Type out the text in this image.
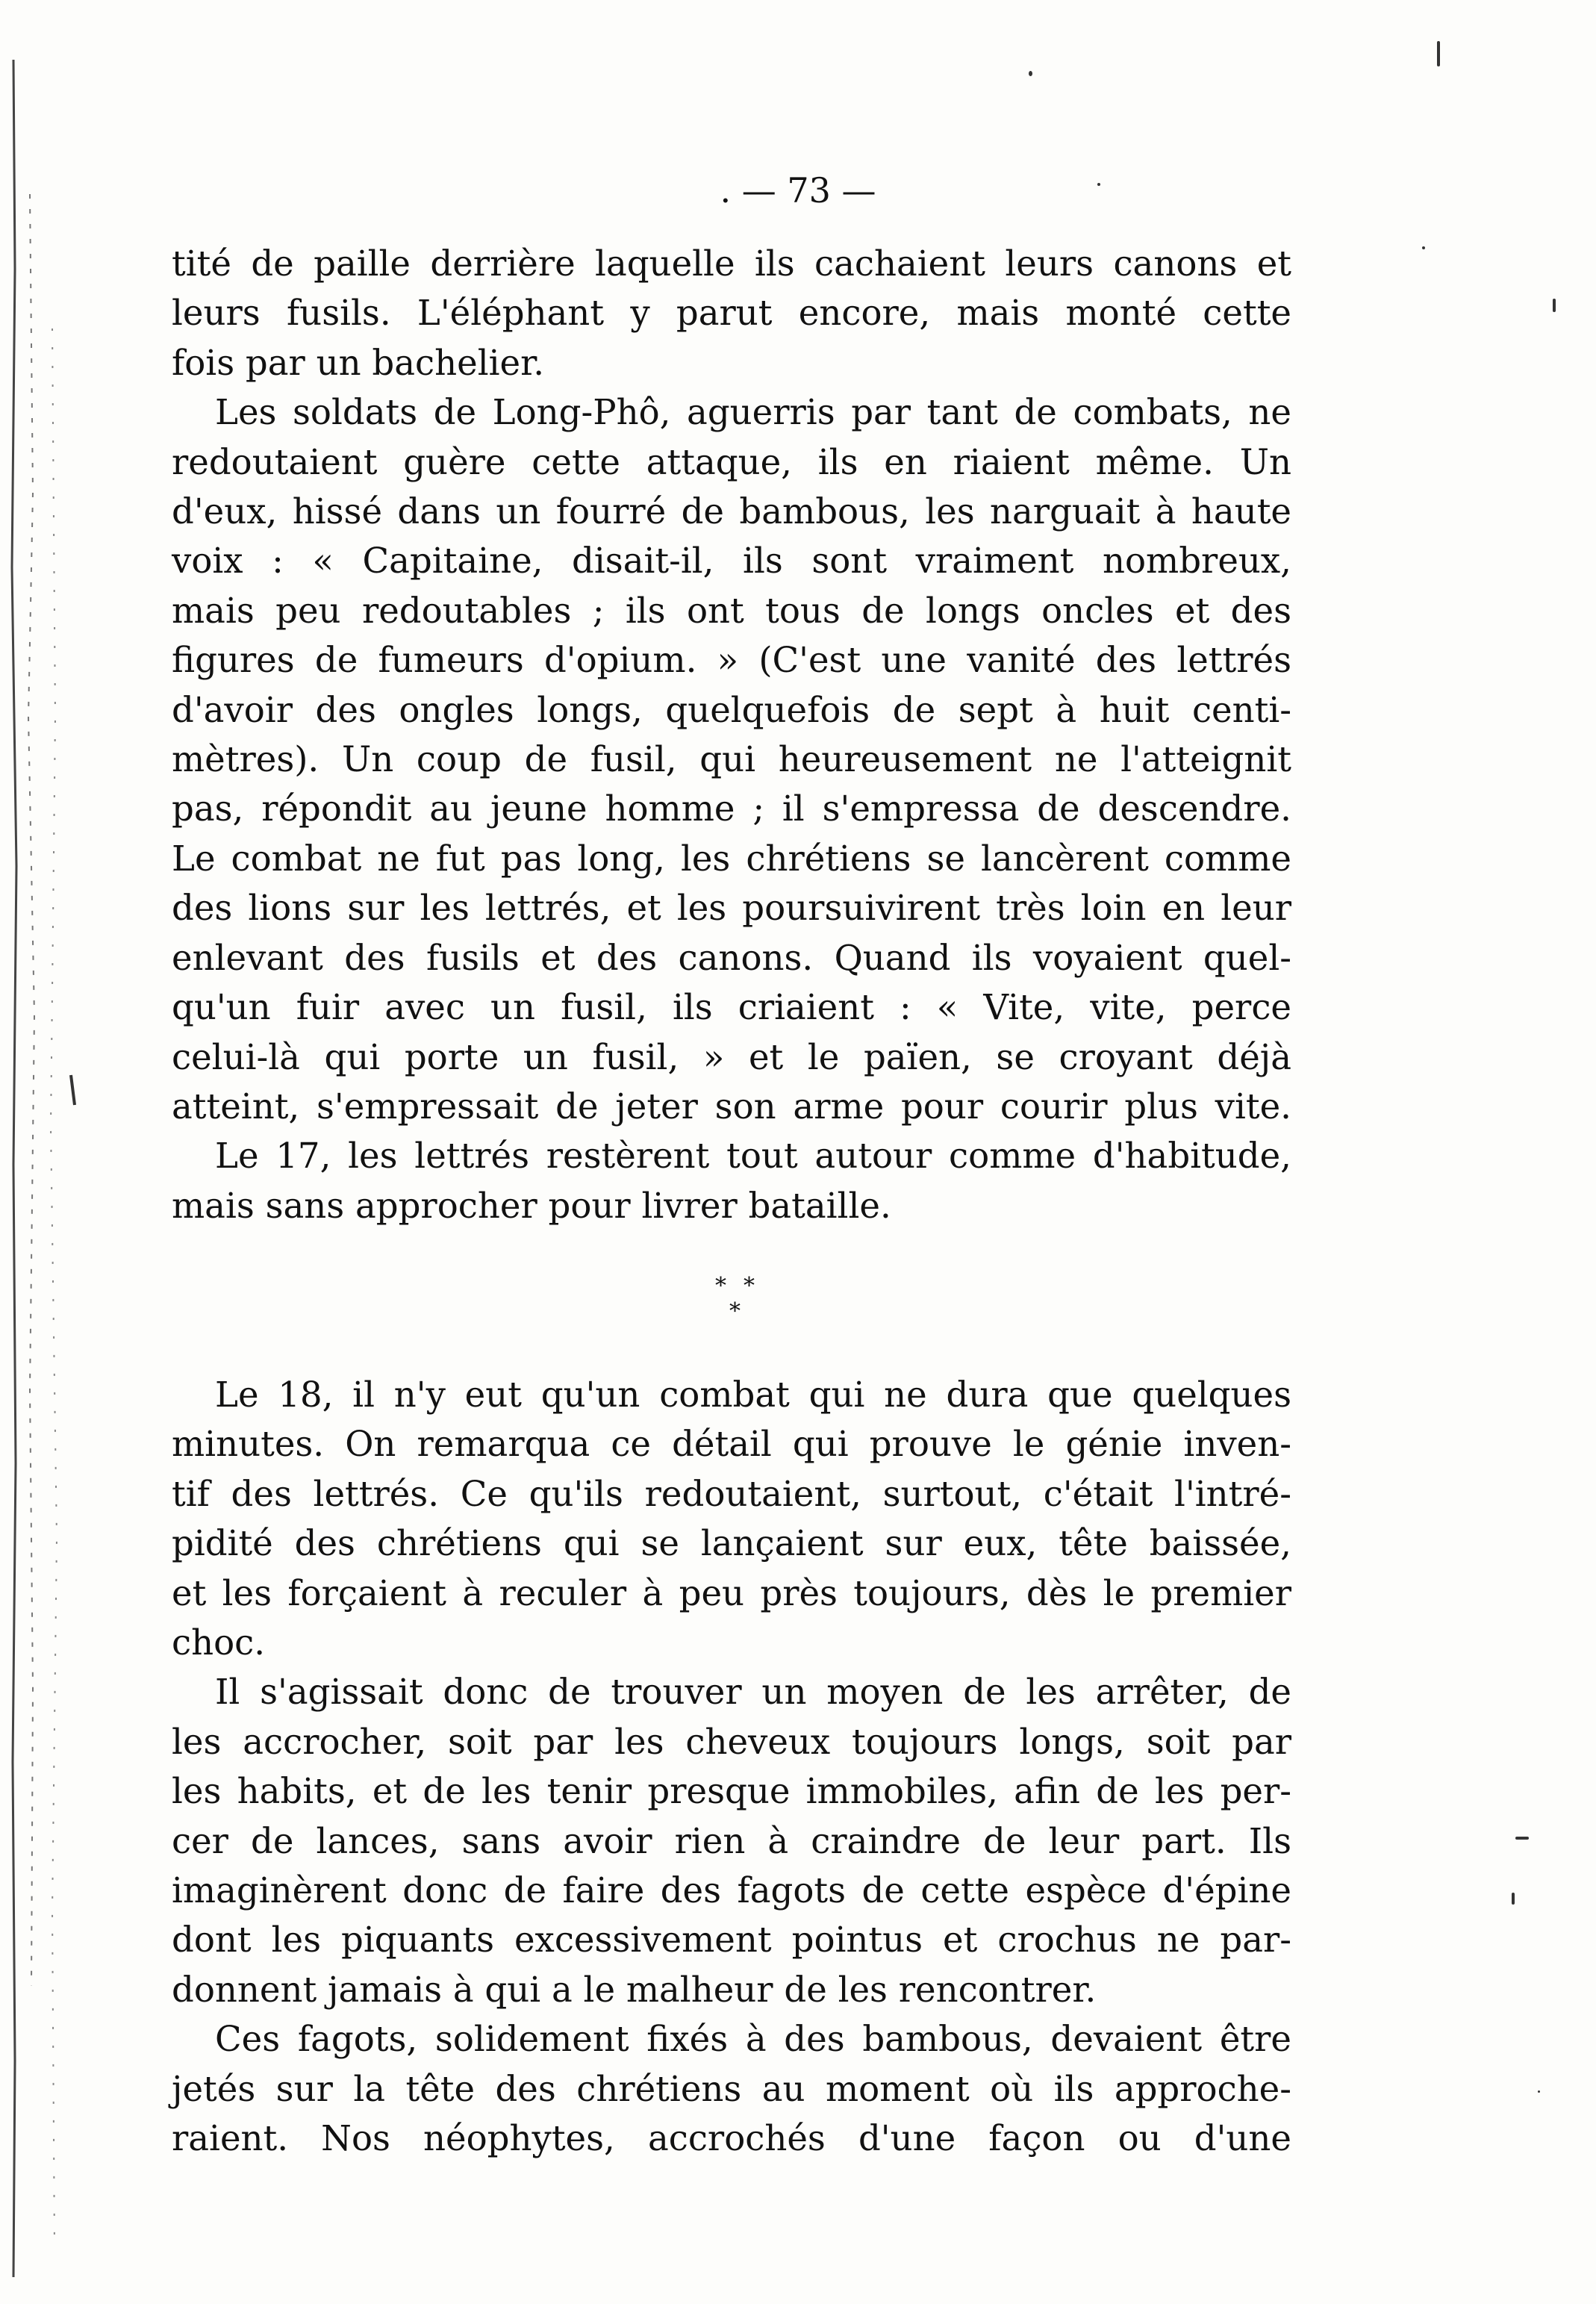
. — 73 —

tité de paille derrière laquelle ils cachaient leurs canons et
leurs fusils. L'éléphant y parut encore, mais monté cette
fois par un bachelier.

Les soldats de Long-Phô, aguerris par tant de combats, ne

redoutaient guère cette attaque, ils en riaient même. Un
d'eux, hissé dans un fourré de bambous, les narguait à haute
voix : « Capitaine, disait-il, ils sont vraiment nombreux,
mais peu redoutables ; ils ont tous de longs oncles et des
figures de fumeurs d'opium. » (C'est une vanité des lettrés
d'avoir des ongles longs, quelquefois de sept à huit centi-
mètres). Un coup de fusil, qui heureusement ne l'atteignit
pas, répondit au jeune homme ; il s'empressa de descendre.
Le combat ne fut pas long, les chrétiens se lancèrent comme
des lions sur les lettrés, et les poursuivirent très loin en leur
enlevant des fusils et des canons. Quand ils voyaient quel-
qu'un fuir avec un fusil, ils criaient : « Vite, vite, perce
celui-là qui porte un fusil, » et le païen, se croyant déjà
atteint, s'empressait de jeter son arme pour courir plus vite.

Le 17, les lettrés restèrent tout autour comme d'habitude,

mais sans approcher pour livrer bataille.

* *
*

Le 18, il n'y eut qu'un combat qui ne dura que quelques

minutes. On remarqua ce détail qui prouve le génie inven-
tif des lettrés. Ce qu'ils redoutaient, surtout, c'était l'intré-
pidité des chrétiens qui se lançaient sur eux, tête baissée,
et les forçaient à reculer à peu près toujours, dès le premier
choc.

Il s'agissait donc de trouver un moyen de les arrêter, de

les accrocher, soit par les cheveux toujours longs, soit par
les habits, et de les tenir presque immobiles, afin de les per-
cer de lances, sans avoir rien à craindre de leur part. Ils
imaginèrent donc de faire des fagots de cette espèce d'épine
dont les piquants excessivement pointus et crochus ne par-
donnent jamais à qui a le malheur de les rencontrer.

Ces fagots, solidement fixés à des bambous, devaient être

jetés sur la tête des chrétiens au moment où ils approche-
raient. Nos néophytes, accrochés d'une façon ou d'une
